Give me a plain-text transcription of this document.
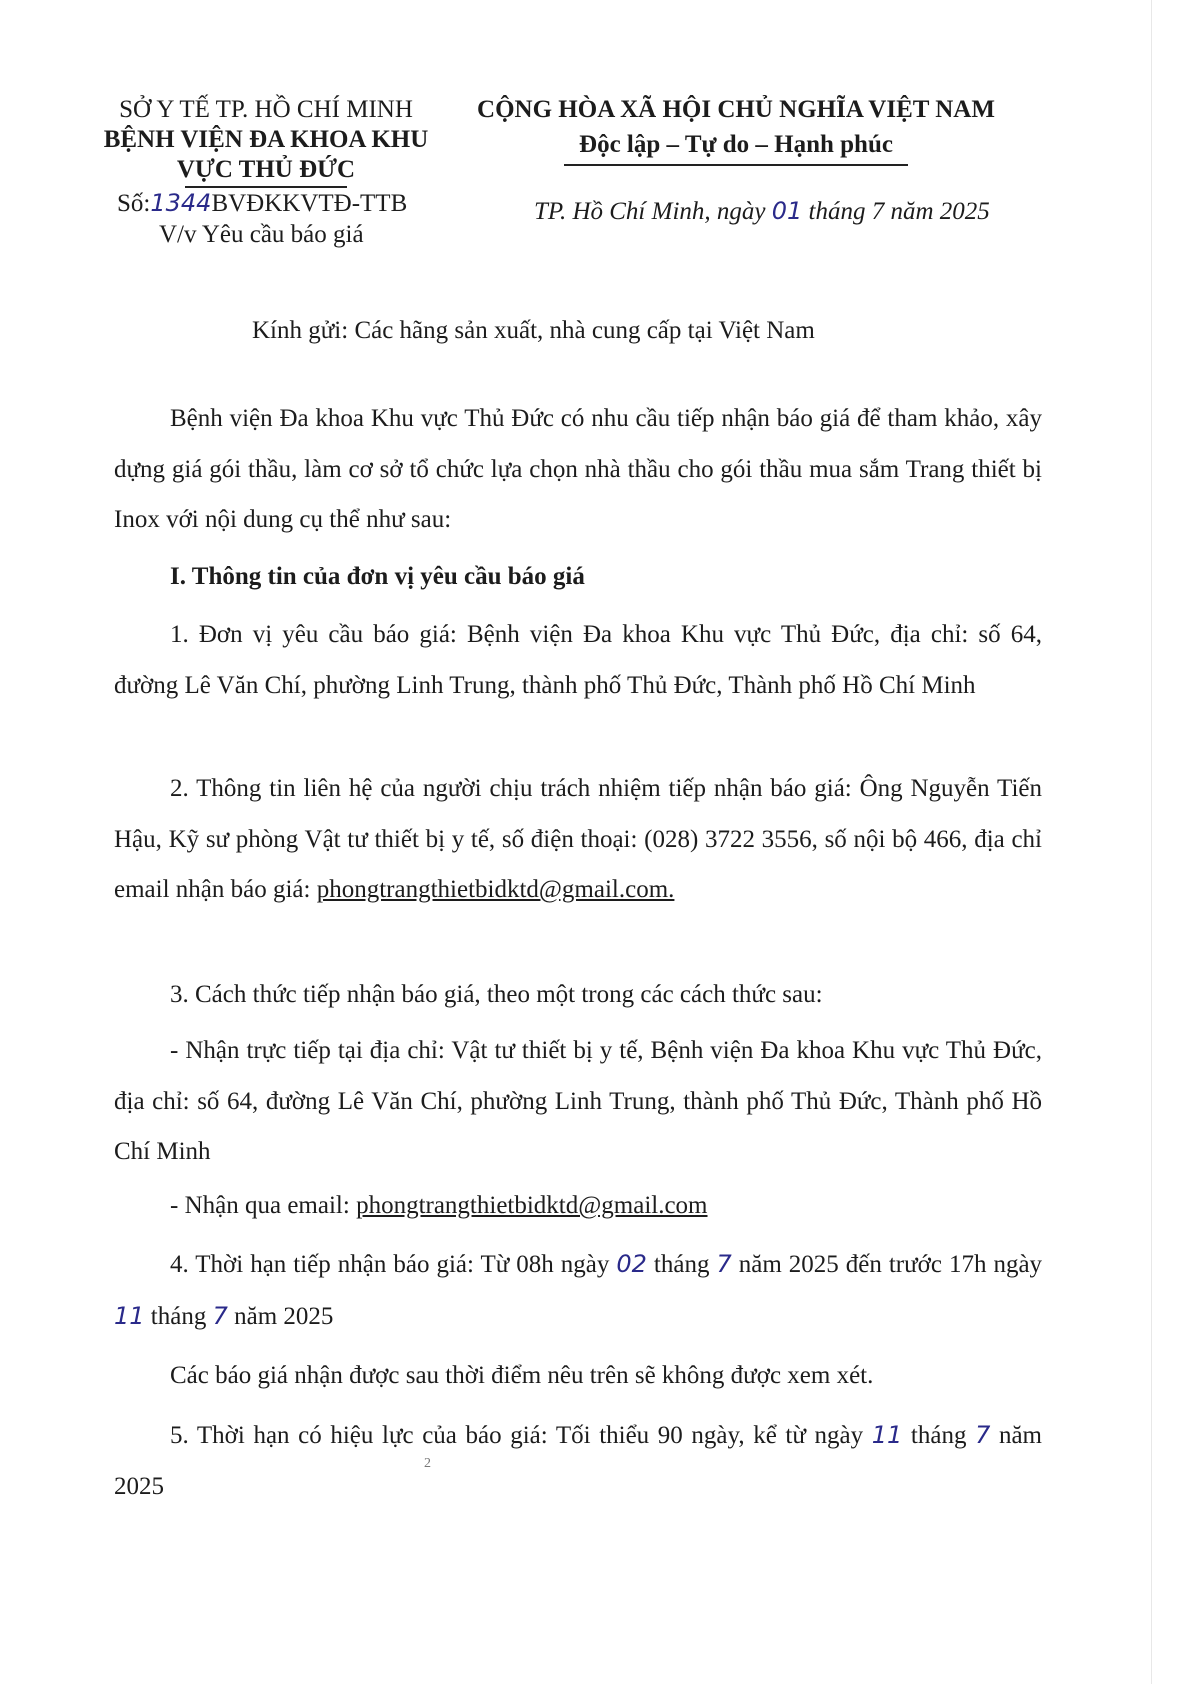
SỞ Y TẾ TP. HỒ CHÍ MINH
BỆNH VIỆN ĐA KHOA KHU
VỰC THỦ ĐỨC
Số:1344BVĐKKVTĐ-TTB
V/v Yêu cầu báo giá
CỘNG HÒA XÃ HỘI CHỦ NGHĨA VIỆT NAM
Độc lập – Tự do – Hạnh phúc
TP. Hồ Chí Minh, ngày 01 tháng 7 năm 2025
Kính gửi: Các hãng sản xuất, nhà cung cấp tại Việt Nam
Bệnh viện Đa khoa Khu vực Thủ Đức có nhu cầu tiếp nhận báo giá để tham khảo, xây dựng giá gói thầu, làm cơ sở tổ chức lựa chọn nhà thầu cho gói thầu mua sắm Trang thiết bị Inox với nội dung cụ thể như sau:
I. Thông tin của đơn vị yêu cầu báo giá
1. Đơn vị yêu cầu báo giá: Bệnh viện Đa khoa Khu vực Thủ Đức, địa chỉ: số 64, đường Lê Văn Chí, phường Linh Trung, thành phố Thủ Đức, Thành phố Hồ Chí Minh
2. Thông tin liên hệ của người chịu trách nhiệm tiếp nhận báo giá: Ông Nguyễn Tiến Hậu, Kỹ sư phòng Vật tư thiết bị y tế, số điện thoại: (028) 3722 3556, số nội bộ 466, địa chỉ email nhận báo giá: phongtrangthietbidktd@gmail.com.
3. Cách thức tiếp nhận báo giá, theo một trong các cách thức sau:
- Nhận trực tiếp tại địa chỉ: Vật tư thiết bị y tế, Bệnh viện Đa khoa Khu vực Thủ Đức, địa chỉ: số 64, đường Lê Văn Chí, phường Linh Trung, thành phố Thủ Đức, Thành phố Hồ Chí Minh
- Nhận qua email: phongtrangthietbidktd@gmail.com
4. Thời hạn tiếp nhận báo giá: Từ 08h ngày 02 tháng 7 năm 2025 đến trước 17h ngày 11 tháng 7 năm 2025
Các báo giá nhận được sau thời điểm nêu trên sẽ không được xem xét.
5. Thời hạn có hiệu lực của báo giá: Tối thiểu 90 ngày, kể từ ngày 11 tháng 7 năm 2025
2
